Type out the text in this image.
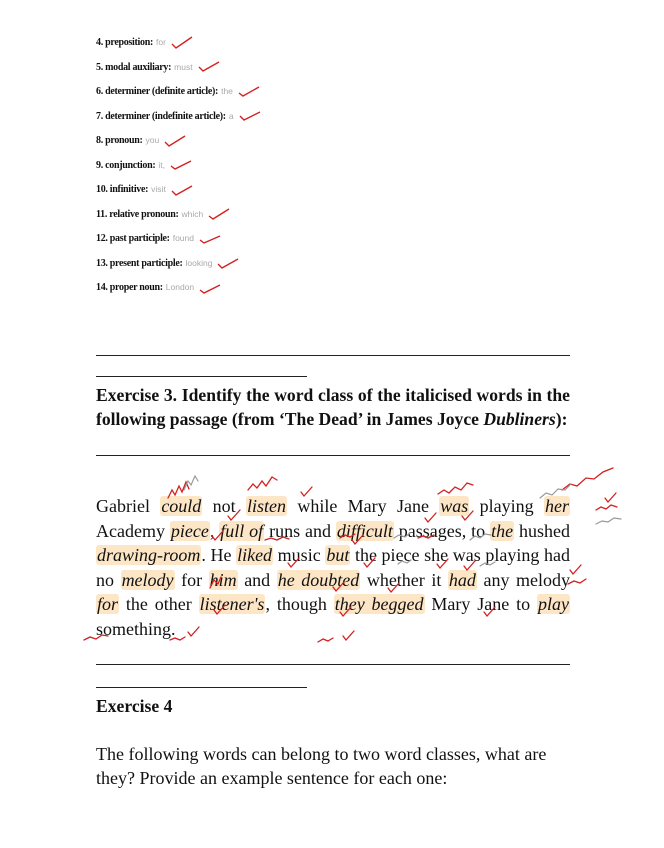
4. preposition: for
5. modal auxiliary: must
6. determiner (definite article): the
7. determiner (indefinite article): a
8. pronoun: you
9. conjunction: it,
10. infinitive: visit
11. relative pronoun: which
12. past participle: found
13. present participle: looking
14. proper noun: London
Exercise 3. Identify the word class of the italicised words in the following passage (from ‘The Dead’ in James Joyce Dubliners):

Gabriel could not listen while Mary Jane was playing her Academy piece, full of runs and difficult passages, to the hushed drawing-room. He liked music but the piece she was playing had no melody for him and he doubted whether it had any melody for the other listener's, though they begged Mary Jane to play something.

Exercise 4

The following words can belong to two word classes, what are they? Provide an example sentence for each one:
